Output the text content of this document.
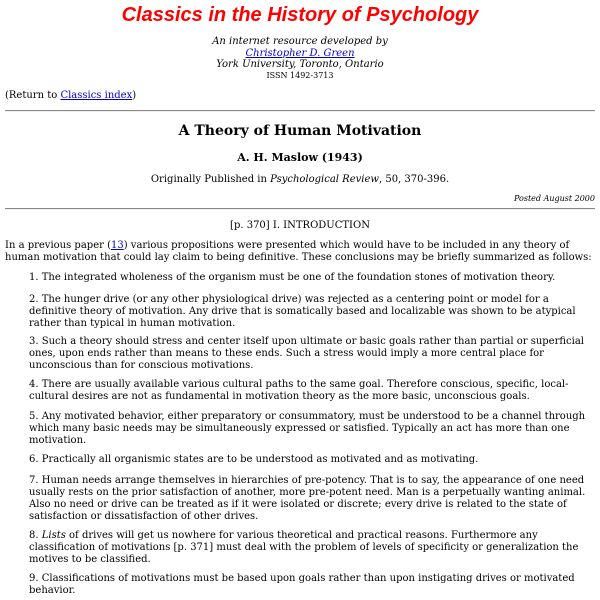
Classics in the History of Psychology
An internet resource developed by
Christopher D. Green
York University, Toronto, Ontario
ISSN 1492-3713
(Return to Classics index)
A Theory of Human Motivation
A. H. Maslow (1943)
Originally Published in Psychological Review, 50, 370-396.
Posted August 2000
[p. 370] I. INTRODUCTION

In a previous paper (13) various propositions were presented which would have to be included in any theory of human motivation that could lay claim to being definitive. These conclusions may be briefly summarized as follows:

1. The integrated wholeness of the organism must be one of the foundation stones of motivation theory.

2. The hunger drive (or any other physiological drive) was rejected as a centering point or model for a definitive theory of motivation. Any drive that is somatically based and localizable was shown to be atypical rather than typical in human motivation.

3. Such a theory should stress and center itself upon ultimate or basic goals rather than partial or superficial ones, upon ends rather than means to these ends. Such a stress would imply a more central place for unconscious than for conscious motivations.

4. There are usually available various cultural paths to the same goal. Therefore conscious, specific, local-cultural desires are not as fundamental in motivation theory as the more basic, unconscious goals.

5. Any motivated behavior, either preparatory or consummatory, must be understood to be a channel through which many basic needs may be simultaneously expressed or satisfied. Typically an act has more than one motivation.

6. Practically all organismic states are to be understood as motivated and as motivating.

7. Human needs arrange themselves in hierarchies of pre-potency. That is to say, the appearance of one need usually rests on the prior satisfaction of another, more pre-potent need. Man is a perpetually wanting animal. Also no need or drive can be treated as if it were isolated or discrete; every drive is related to the state of satisfaction or dissatisfaction of other drives.

8. Lists of drives will get us nowhere for various theoretical and practical reasons. Furthermore any classification of motivations [p. 371] must deal with the problem of levels of specificity or generalization the motives to be classified.

9. Classifications of motivations must be based upon goals rather than upon instigating drives or motivated behavior.
